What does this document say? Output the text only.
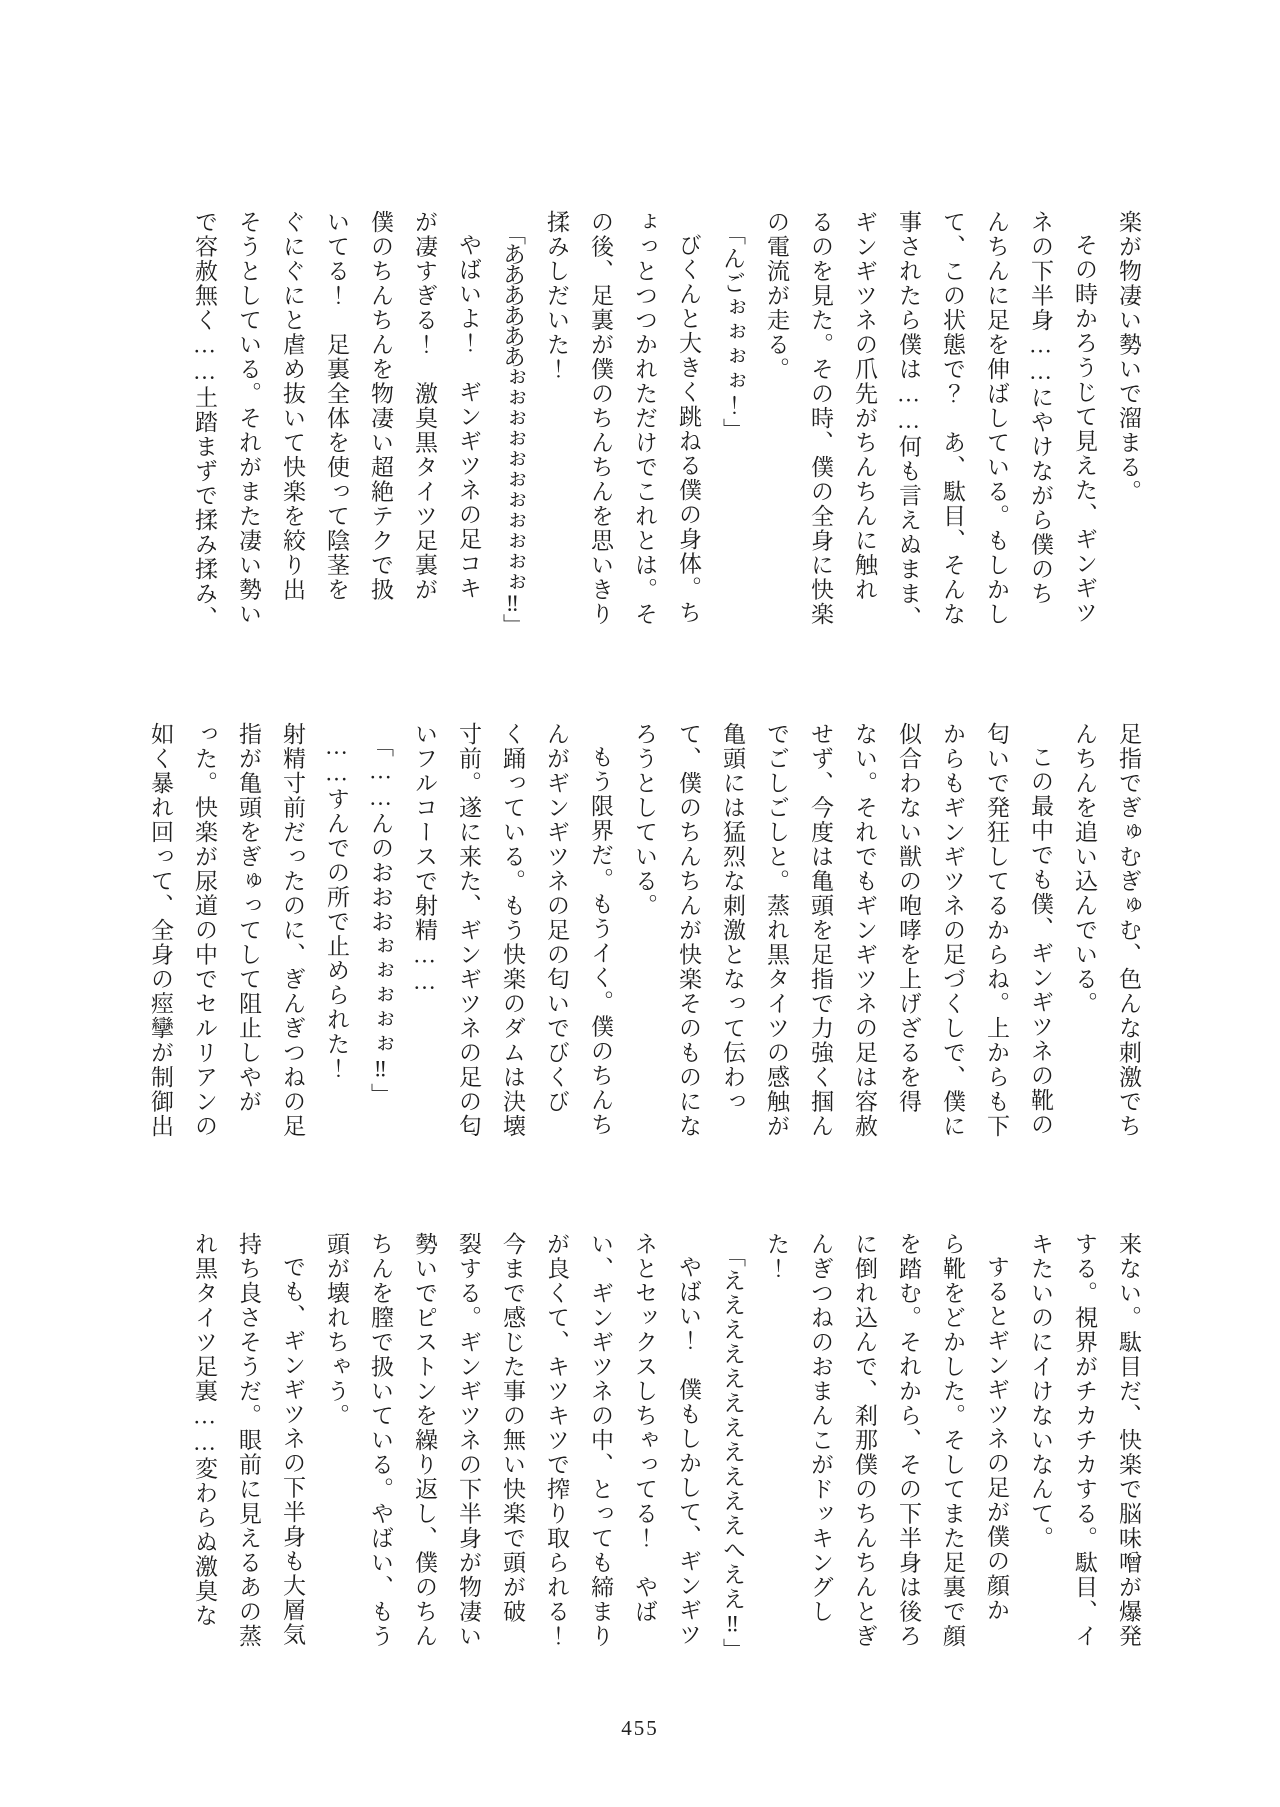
楽が物凄い勢いで溜まる。

その時かろうじて見えた、ギンギツ

ネの下半身……にやけながら僕のち

んちんに足を伸ばしている。もしかし

て、この状態で？　あ、駄目、そんな

事されたら僕は……何も言えぬまま、

ギンギツネの爪先がちんちんに触れ

るのを見た。その時、僕の全身に快楽

の電流が走る。

「んごぉぉぉぉ！」

びくんと大きく跳ねる僕の身体。ち

ょっとつつかれただけでこれとは。そ

の後、足裏が僕のちんちんを思いきり

揉みしだいた！

「ああああああぉぉぉぉぉぉぉぉぉぉぉ‼」

やばいよ！　ギンギツネの足コキ

が凄すぎる！　激臭黒タイツ足裏が

僕のちんちんを物凄い超絶テクで扱

いてる！　足裏全体を使って陰茎を

ぐにぐにと虐め抜いて快楽を絞り出

そうとしている。それがまた凄い勢い

で容赦無く……土踏まずで揉み揉み、

足指でぎゅむぎゅむ、色んな刺激でち

んちんを追い込んでいる。

この最中でも僕、ギンギツネの靴の

匂いで発狂してるからね。上からも下

からもギンギツネの足づくしで、僕に

似合わない獣の咆哮を上げざるを得

ない。それでもギンギツネの足は容赦

せず、今度は亀頭を足指で力強く掴ん

でごしごしと。蒸れ黒タイツの感触が

亀頭には猛烈な刺激となって伝わっ

て、僕のちんちんが快楽そのものにな

ろうとしている。

もう限界だ。もうイく。僕のちんち

んがギンギツネの足の匂いでびくび

く踊っている。もう快楽のダムは決壊

寸前。遂に来た、ギンギツネの足の匂

いフルコースで射精……

「……んのおおおぉぉぉぉぉ‼」

……すんでの所で止められた！

射精寸前だったのに、ぎんぎつねの足

指が亀頭をぎゅってして阻止しやが

った。快楽が尿道の中でセルリアンの

如く暴れ回って、全身の痙攣が制御出

来ない。駄目だ、快楽で脳味噌が爆発

する。視界がチカチカする。駄目、イ

キたいのにイけないなんて。

するとギンギツネの足が僕の顔か

ら靴をどかした。そしてまた足裏で顔

を踏む。それから、その下半身は後ろ

に倒れ込んで、刹那僕のちんちんとぎ

んぎつねのおまんこがドッキングし

た！

「えええええええええええへええ‼」

やばい！　僕もしかして、ギンギツ

ネとセックスしちゃってる！　やば

い、ギンギツネの中、とっても締まり

が良くて、キツキツで搾り取られる！

今まで感じた事の無い快楽で頭が破

裂する。ギンギツネの下半身が物凄い

勢いでピストンを繰り返し、僕のちん

ちんを膣で扱いている。やばい、もう

頭が壊れちゃう。

でも、ギンギツネの下半身も大層気

持ち良さそうだ。眼前に見えるあの蒸

れ黒タイツ足裏……変わらぬ激臭な

455
